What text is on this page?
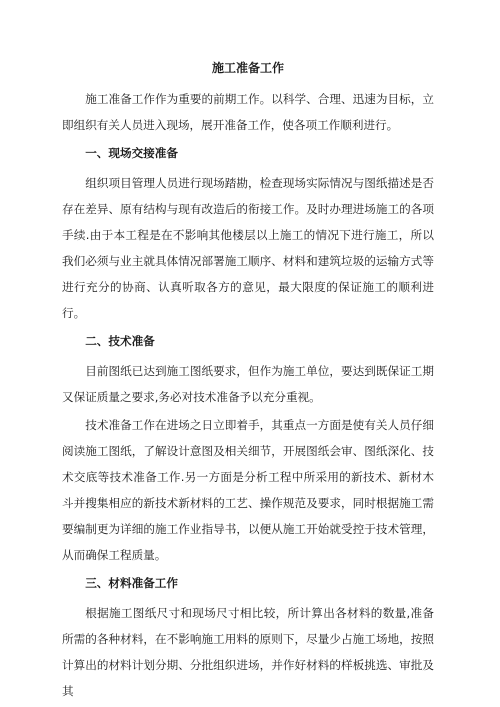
施工准备工作

施工准备工作作为重要的前期工作。以科学、合理、迅速为目标，立即组织有关人员进入现场，展开准备工作，使各项工作顺利进行。

一、现场交接准备

组织项目管理人员进行现场踏勘，检查现场实际情况与图纸描述是否存在差异、原有结构与现有改造后的衔接工作。及时办理进场施工的各项手续.由于本工程是在不影响其他楼层以上施工的情况下进行施工，所以我们必须与业主就具体情况部署施工顺序、材料和建筑垃圾的运输方式等进行充分的协商、认真听取各方的意见，最大限度的保证施工的顺利进行。

二、技术准备

目前图纸已达到施工图纸要求，但作为施工单位，要达到既保证工期又保证质量之要求,务必对技术准备予以充分重视。

技术准备工作在进场之日立即着手，其重点一方面是使有关人员仔细阅读施工图纸，了解设计意图及相关细节，开展图纸会审、图纸深化、技术交底等技术准备工作.另一方面是分析工程中所采用的新技术、新材木斗并搜集相应的新技术新材料的工艺、操作规范及要求，同时根据施工需要编制更为详细的施工作业指导书，以便从施工开始就受控于技术管理，从而确保工程质量。

三、材料准备工作

根据施工图纸尺寸和现场尺寸相比较，所计算出各材料的数量,准备所需的各种材料，在不影响施工用料的原则下，尽量少占施工场地，按照计算出的材料计划分期、分批组织进场，并作好材料的样板挑选、审批及其
